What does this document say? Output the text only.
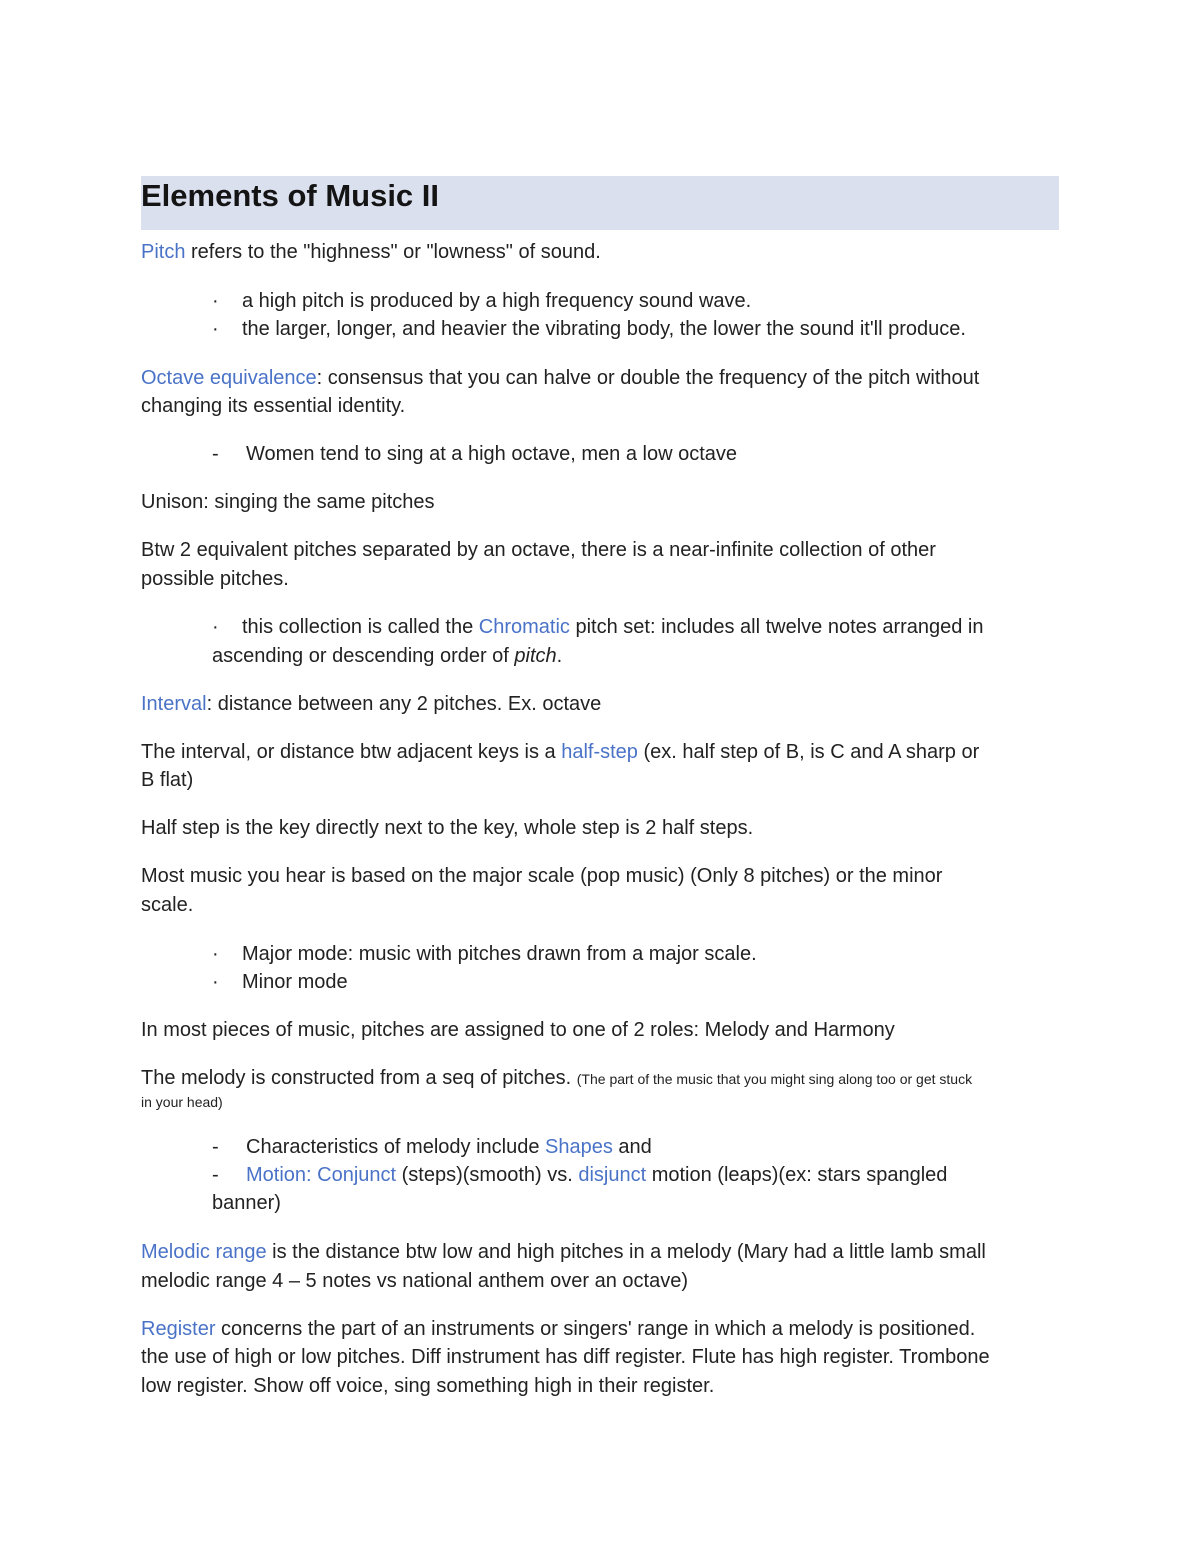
Elements of Music II

Pitch refers to the "highness" or "lowness" of sound.

· a high pitch is produced by a high frequency sound wave.

· the larger, longer, and heavier the vibrating body, the lower the sound it'll produce.

Octave equivalence: consensus that you can halve or double the frequency of the pitch without

changing its essential identity.

- Women tend to sing at a high octave, men a low octave

Unison: singing the same pitches

Btw 2 equivalent pitches separated by an octave, there is a near-infinite collection of other

possible pitches.

· this collection is called the Chromatic pitch set: includes all twelve notes arranged in

ascending or descending order of pitch.

Interval: distance between any 2 pitches. Ex. octave

The interval, or distance btw adjacent keys is a half-step (ex. half step of B, is C and A sharp or

B flat)

Half step is the key directly next to the key, whole step is 2 half steps.

Most music you hear is based on the major scale (pop music) (Only 8 pitches) or the minor

scale.

· Major mode: music with pitches drawn from a major scale.

· Minor mode

In most pieces of music, pitches are assigned to one of 2 roles: Melody and Harmony

The melody is constructed from a seq of pitches. (The part of the music that you might sing along too or get stuck

in your head)

- Characteristics of melody include Shapes and

- Motion: Conjunct (steps)(smooth) vs. disjunct motion (leaps)(ex: stars spangled

banner)

Melodic range is the distance btw low and high pitches in a melody (Mary had a little lamb small

melodic range 4 – 5 notes vs national anthem over an octave)

Register concerns the part of an instruments or singers' range in which a melody is positioned.

the use of high or low pitches. Diff instrument has diff register. Flute has high register. Trombone

low register. Show off voice, sing something high in their register.
